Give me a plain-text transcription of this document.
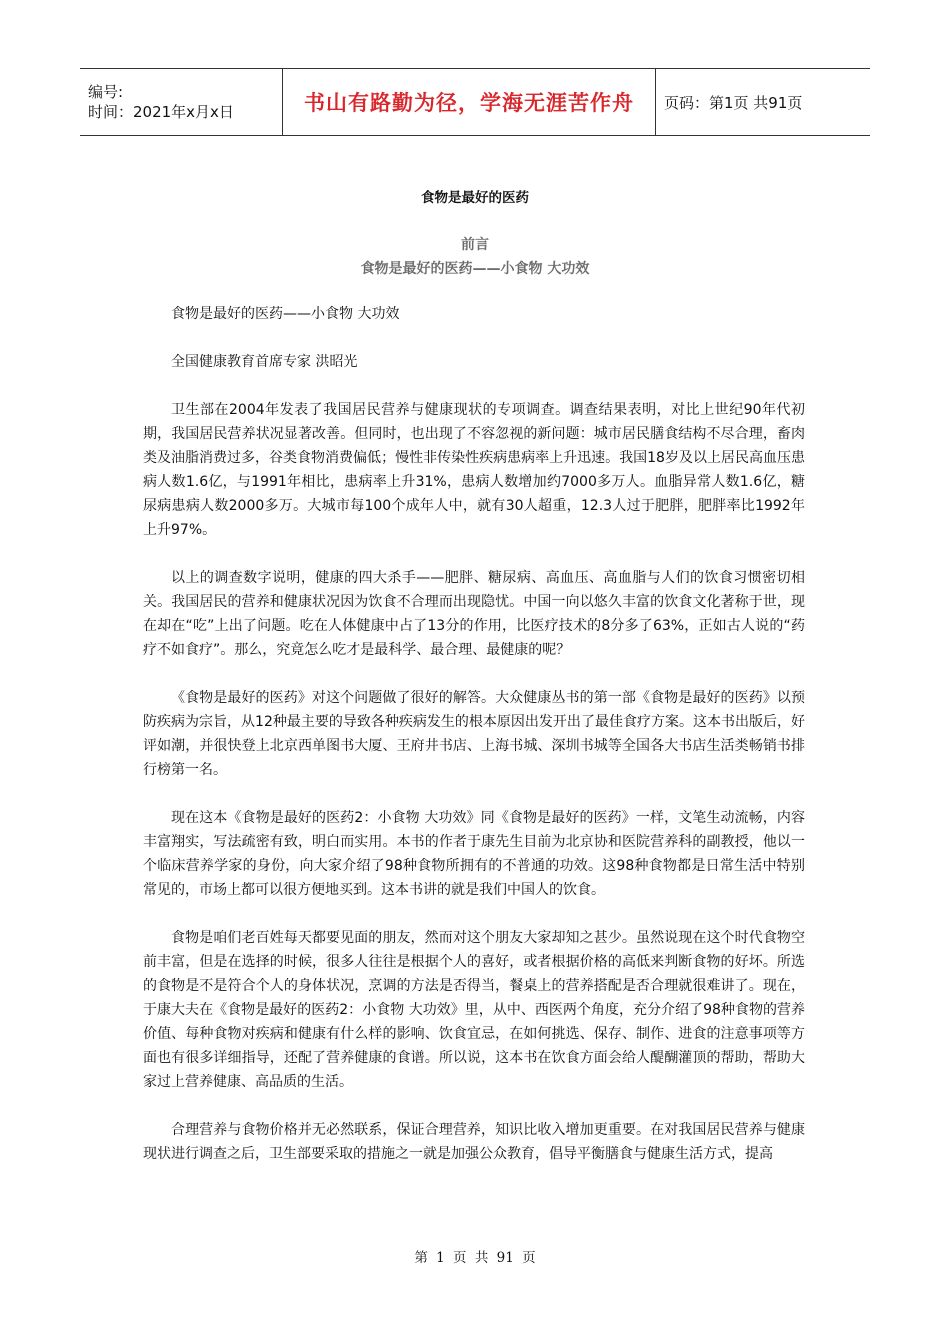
编号:
时间：2021年x月x日	书山有路勤为径，学海无涯苦作舟 页码：第1页 共91页
食物是最好的医药
前言
食物是最好的医药——小食物 大功效

食物是最好的医药——小食物 大功效

全国健康教育首席专家 洪昭光

卫生部在2004年发表了我国居民营养与健康现状的专项调查。调查结果表明，对比上世纪90年代初期，我国居民营养状况显著改善。但同时，也出现了不容忽视的新问题：城市居民膳食结构不尽合理，畜肉类及油脂消费过多，谷类食物消费偏低；慢性非传染性疾病患病率上升迅速。我国18岁及以上居民高血压患病人数1.6亿，与1991年相比，患病率上升31%，患病人数增加约7000多万人。血脂异常人数1.6亿，糖尿病患病人数2000多万。大城市每100个成年人中，就有30人超重，12.3人过于肥胖，肥胖率比1992年上升97%。

以上的调查数字说明，健康的四大杀手——肥胖、糖尿病、高血压、高血脂与人们的饮食习惯密切相关。我国居民的营养和健康状况因为饮食不合理而出现隐忧。中国一向以悠久丰富的饮食文化著称于世，现在却在“吃”上出了问题。吃在人体健康中占了13分的作用，比医疗技术的8分多了63%，正如古人说的“药疗不如食疗”。那么，究竟怎么吃才是最科学、最合理、最健康的呢？

《食物是最好的医药》对这个问题做了很好的解答。大众健康丛书的第一部《食物是最好的医药》以预防疾病为宗旨，从12种最主要的导致各种疾病发生的根本原因出发开出了最佳食疗方案。这本书出版后，好评如潮，并很快登上北京西单图书大厦、王府井书店、上海书城、深圳书城等全国各大书店生活类畅销书排行榜第一名。

现在这本《食物是最好的医药2：小食物 大功效》同《食物是最好的医药》一样，文笔生动流畅，内容丰富翔实，写法疏密有致，明白而实用。本书的作者于康先生目前为北京协和医院营养科的副教授，他以一个临床营养学家的身份，向大家介绍了98种食物所拥有的不普通的功效。这98种食物都是日常生活中特别常见的，市场上都可以很方便地买到。这本书讲的就是我们中国人的饮食。

食物是咱们老百姓每天都要见面的朋友，然而对这个朋友大家却知之甚少。虽然说现在这个时代食物空前丰富，但是在选择的时候，很多人往往是根据个人的喜好，或者根据价格的高低来判断食物的好坏。所选的食物是不是符合个人的身体状况，烹调的方法是否得当，餐桌上的营养搭配是否合理就很难讲了。现在，于康大夫在《食物是最好的医药2：小食物 大功效》里，从中、西医两个角度，充分介绍了98种食物的营养价值、每种食物对疾病和健康有什么样的影响、饮食宜忌，在如何挑选、保存、制作、进食的注意事项等方面也有很多详细指导，还配了营养健康的食谱。所以说，这本书在饮食方面会给人醍醐灌顶的帮助，帮助大家过上营养健康、高品质的生活。

合理营养与食物价格并无必然联系，保证合理营养，知识比收入增加更重要。在对我国居民营养与健康现状进行调查之后，卫生部要采取的措施之一就是加强公众教育，倡导平衡膳食与健康生活方式，提高

第 1 页 共 91 页
